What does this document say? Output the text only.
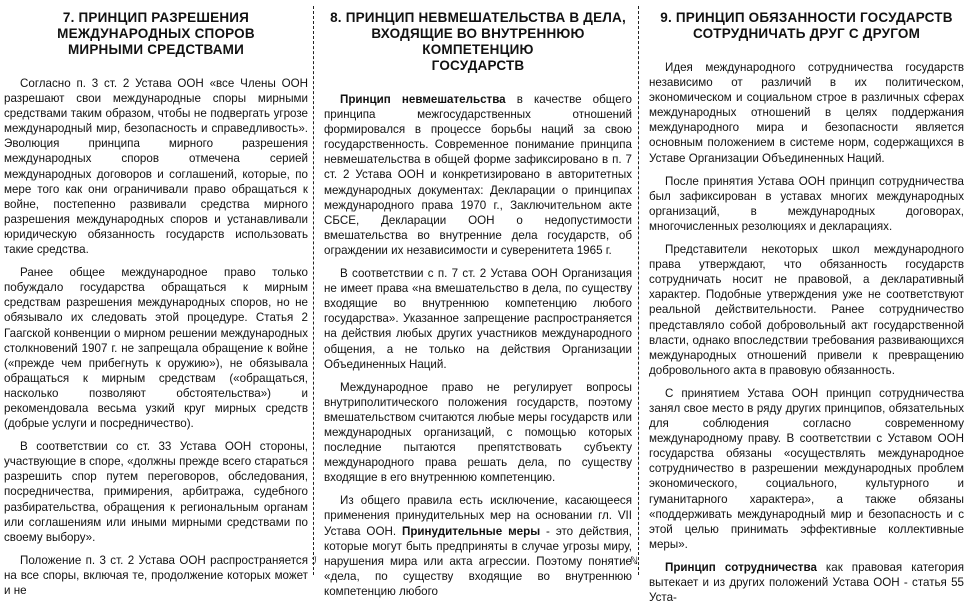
7. ПРИНЦИП РАЗРЕШЕНИЯ
МЕЖДУНАРОДНЫХ СПОРОВ
МИРНЫМИ СРЕДСТВАМИ

Согласно п. 3 ст. 2 Устава ООН «все Члены ООН разрешают свои международные споры мирными средствами таким образом, чтобы не подвергать угрозе международный мир, безопасность и справедливость». Эволюция принципа мирного разрешения международных споров отмечена серией международных договоров и соглашений, которые, по мере того как они ограничивали право обращаться к войне, постепенно развивали средства мирного разрешения международных споров и устанавливали юридическую обязанность государств использовать такие средства.

Ранее общее международное право только побуждало государства обращаться к мирным средствам разрешения международных споров, но не обязывало их следовать этой процедуре. Статья 2 Гаагской конвенции о мирном решении международных столкновений 1907 г. не запрещала обращение к войне («прежде чем прибегнуть к оружию»), не обязывала обращаться к мирным средствам («обращаться, насколько позволяют обстоятельства») и рекомендовала весьма узкий круг мирных средств (добрые услуги и посредничество).

В соответствии со ст. 33 Устава ООН стороны, участвующие в споре, «должны прежде всего стараться разрешить спор путем переговоров, обследования, посредничества, примирения, арбитража, судебного разбирательства, обращения к региональным органам или соглашениям или иными мирными средствами по своему выбору».

Положение п. 3 ст. 2 Устава ООН распространяется на все споры, включая те, продолжение которых может и не

8. ПРИНЦИП НЕВМЕШАТЕЛЬСТВА В ДЕЛА,
ВХОДЯЩИЕ ВО ВНУТРЕННЮЮ КОМПЕТЕНЦИЮ
ГОСУДАРСТВ

Принцип невмешательства в качестве общего принципа межгосударственных отношений формировался в процессе борьбы наций за свою государственность. Современное понимание принципа невмешательства в общей форме зафиксировано в п. 7 ст. 2 Устава ООН и конкретизировано в авторитетных международных документах: Декларации о принципах международного права 1970 г., Заключительном акте СБСЕ, Декларации ООН о недопустимости вмешательства во внутренние дела государств, об ограждении их независимости и суверенитета 1965 г.

В соответствии с п. 7 ст. 2 Устава ООН Организация не имеет права «на вмешательство в дела, по существу входящие во внутреннюю компетенцию любого государства». Указанное запрещение распространяется на действия любых других участников международного общения, а не только на действия Организации Объединенных Наций.

Международное право не регулирует вопросы внутриполитического положения государств, поэтому вмешательством считаются любые меры государств или международных организаций, с помощью которых последние пытаются препятствовать субъекту международного права решать дела, по существу входящие в его внутреннюю компетенцию.

Из общего правила есть исключение, касающееся применения принудительных мер на основании гл. VII Устава ООН. Принудительные меры - это действия, которые могут быть предприняты в случае угрозы миру, нарушения мира или акта агрессии. Поэтому понятие «дела, по существу входящие во внутреннюю компетенцию любого

9. ПРИНЦИП ОБЯЗАННОСТИ ГОСУДАРСТВ
СОТРУДНИЧАТЬ ДРУГ С ДРУГОМ

Идея международного сотрудничества государств независимо от различий в их политическом, экономическом и социальном строе в различных сферах международных отношений в целях поддержания международного мира и безопасности является основным положением в системе норм, содержащихся в Уставе Организации Объединенных Наций.

После принятия Устава ООН принцип сотрудничества был зафиксирован в уставах многих международных организаций, в международных договорах, многочисленных резолюциях и декларациях.

Представители некоторых школ международного права утверждают, что обязанность государств сотрудничать носит не правовой, а декларативный характер. Подобные утверждения уже не соответствуют реальной действительности. Ранее сотрудничество представляло собой добровольный акт государственной власти, однако впоследствии требования развивающихся международных отношений привели к превращению добровольного акта в правовую обязанность.

С принятием Устава ООН принцип сотрудничества занял свое место в ряду других принципов, обязательных для соблюдения согласно современному международному праву. В соответствии с Уставом ООН государства обязаны «осуществлять международное сотрудничество в разрешении международных проблем экономического, социального, культурного и гуманитарного характера», а также обязаны «поддерживать международный мир и безопасность и с этой целью принимать эффективные коллективные меры».

Принцип сотрудничества как правовая категория вытекает и из других положений Устава ООН - статья 55 Уста-

ℐ	ℕ
